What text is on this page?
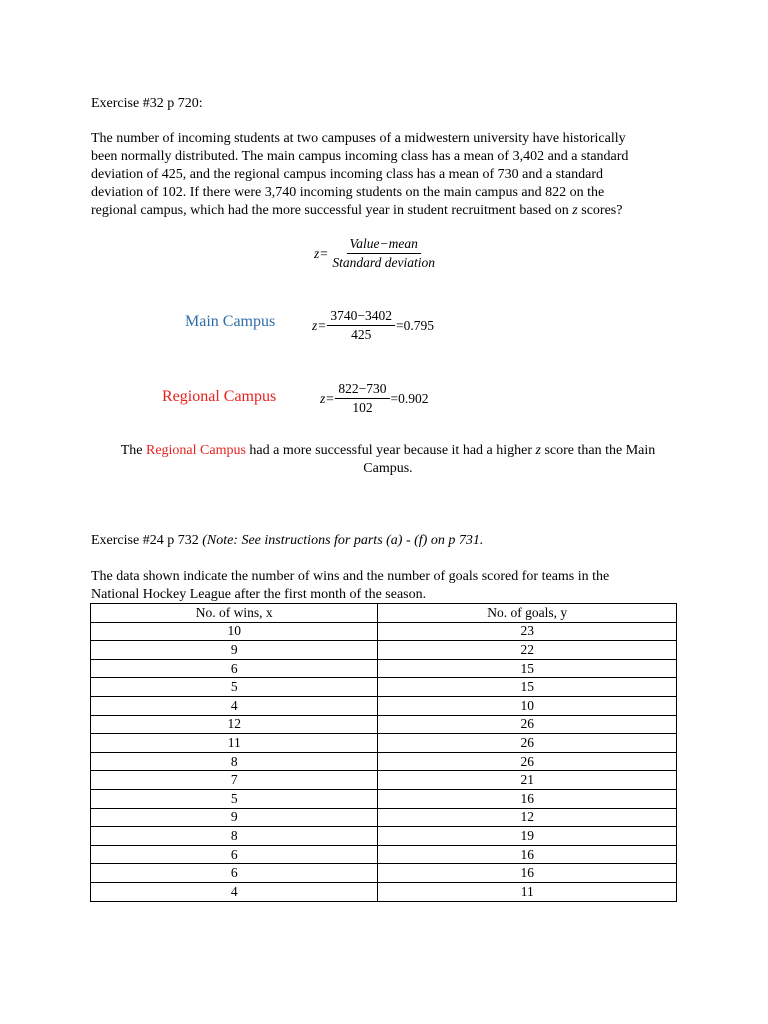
Exercise #32 p 720:
The number of incoming students at two campuses of a midwestern university have historically
been normally distributed. The main campus incoming class has a mean of 3,402 and a standard
deviation of 425, and the regional campus incoming class has a mean of 730 and a standard
deviation of 102. If there were 3,740 incoming students on the main campus and 822 on the
regional campus, which had the more successful year in student recruitment based on z scores?
$z= \frac{\text{Value−mean}}{\text{Standard deviation}}$
Main Campus	$z= \frac{3740-3402}{425} =0.795$
Regional Campus	$z= \frac{822-730}{102} =0.902$
The Regional Campus had a more successful year because it had a higher z score than the Main
Campus.
Exercise #24 p 732 (Note: See instructions for parts (a) - (f) on p 731.
The data shown indicate the number of wins and the number of goals scored for teams in the
National Hockey League after the first month of the season.
No. of wins, x	No. of goals, y
10	23
9	22
6	15
5	15
4	10
12	26
11	26
8	26
7	21
5	16
9	12
8	19
6	16
6	16
4	11
